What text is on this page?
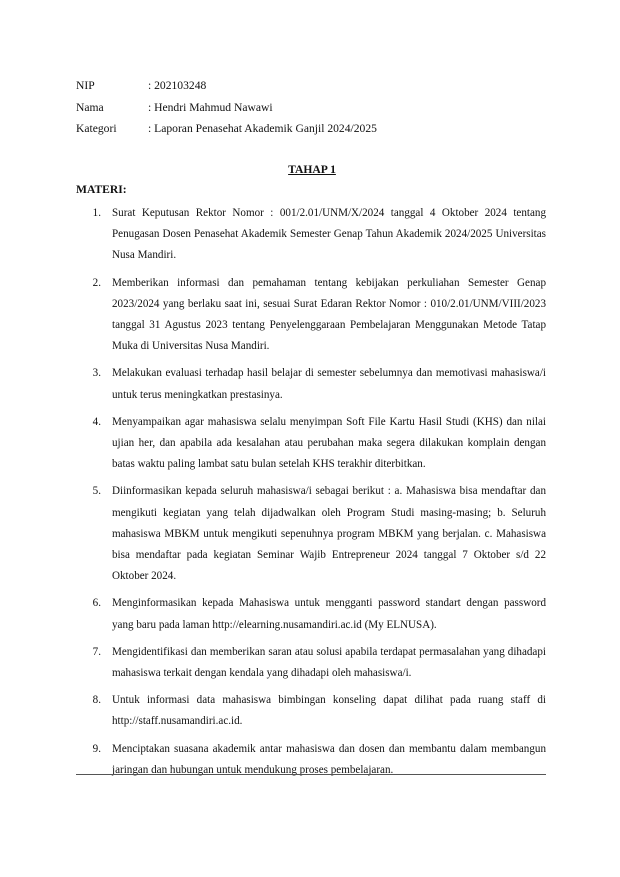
NIP	: 202103248
Nama	: Hendri Mahmud Nawawi
Kategori	: Laporan Penasehat Akademik Ganjil 2024/2025
TAHAP 1
MATERI:
1. Surat Keputusan Rektor Nomor : 001/2.01/UNM/X/2024 tanggal 4 Oktober 2024 tentang Penugasan Dosen Penasehat Akademik Semester Genap Tahun Akademik 2024/2025 Universitas Nusa Mandiri.
2. Memberikan informasi dan pemahaman tentang kebijakan perkuliahan Semester Genap 2023/2024 yang berlaku saat ini, sesuai Surat Edaran Rektor Nomor : 010/2.01/UNM/VIII/2023 tanggal 31 Agustus 2023 tentang Penyelenggaraan Pembelajaran Menggunakan Metode Tatap Muka di Universitas Nusa Mandiri.
3. Melakukan evaluasi terhadap hasil belajar di semester sebelumnya dan memotivasi mahasiswa/i untuk terus meningkatkan prestasinya.
4. Menyampaikan agar mahasiswa selalu menyimpan Soft File Kartu Hasil Studi (KHS) dan nilai ujian her, dan apabila ada kesalahan atau perubahan maka segera dilakukan komplain dengan batas waktu paling lambat satu bulan setelah KHS terakhir diterbitkan.
5. Diinformasikan kepada seluruh mahasiswa/i sebagai berikut : a. Mahasiswa bisa mendaftar dan mengikuti kegiatan yang telah dijadwalkan oleh Program Studi masing-masing; b. Seluruh mahasiswa MBKM untuk mengikuti sepenuhnya program MBKM yang berjalan. c. Mahasiswa bisa mendaftar pada kegiatan Seminar Wajib Entrepreneur 2024 tanggal 7 Oktober s/d 22 Oktober 2024.
6. Menginformasikan kepada Mahasiswa untuk mengganti password standart dengan password yang baru pada laman http://elearning.nusamandiri.ac.id (My ELNUSA).
7. Mengidentifikasi dan memberikan saran atau solusi apabila terdapat permasalahan yang dihadapi mahasiswa terkait dengan kendala yang dihadapi oleh mahasiswa/i.
8. Untuk informasi data mahasiswa bimbingan konseling dapat dilihat pada ruang staff di http://staff.nusamandiri.ac.id.
9. Menciptakan suasana akademik antar mahasiswa dan dosen dan membantu dalam membangun jaringan dan hubungan untuk mendukung proses pembelajaran.
